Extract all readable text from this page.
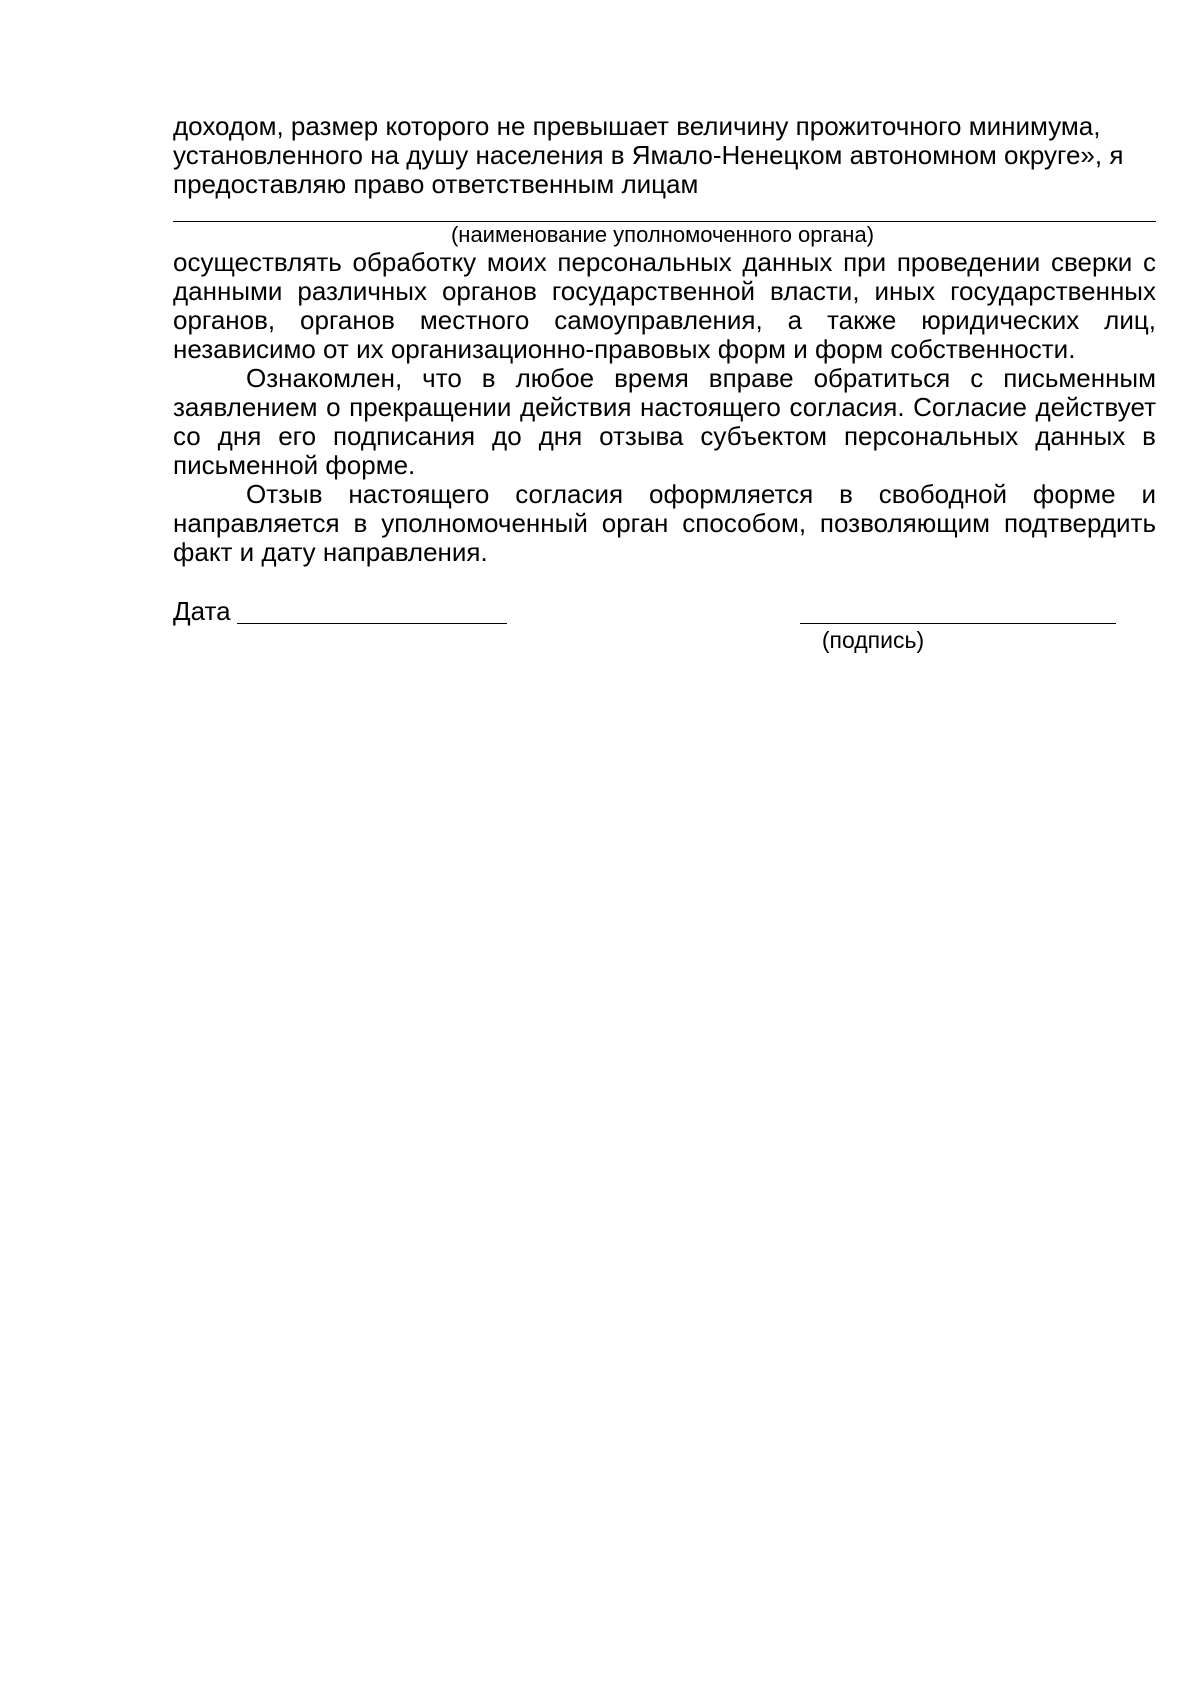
доходом, размер которого не превышает величину прожиточного минимума, установленного на душу населения в Ямало-Ненецком автономном округе», я предоставляю право ответственным лицам

(наименование уполномоченного органа)

осуществлять обработку моих персональных данных при проведении сверки с данными различных органов государственной власти, иных государственных органов, органов местного самоуправления, а также юридических лиц, независимо от их организационно-правовых форм и форм собственности.

Ознакомлен, что в любое время вправе обратиться с письменным заявлением о прекращении действия настоящего согласия. Согласие действует со дня его подписания до дня отзыва субъектом персональных данных в письменной форме.

Отзыв настоящего согласия оформляется в свободной форме и направляется в уполномоченный орган способом, позволяющим подтвердить факт и дату направления.

Дата
(подпись)
